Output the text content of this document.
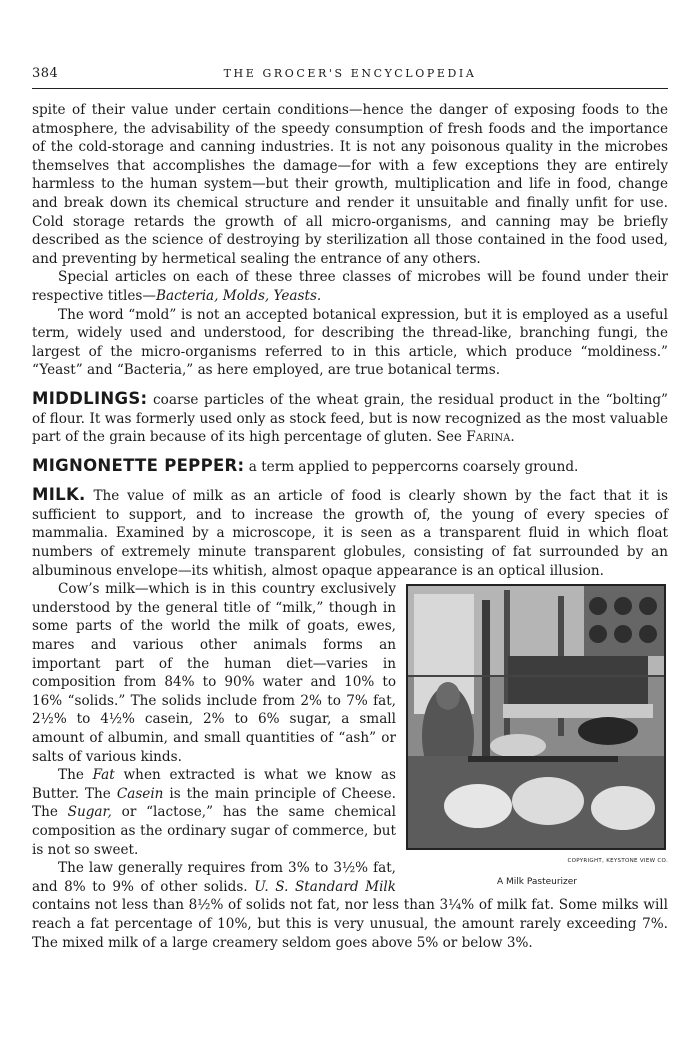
384	THE GROCER'S ENCYCLOPEDIA

spite of their value under certain conditions—hence the danger of exposing foods to the atmosphere, the advisability of the speedy consumption of fresh foods and the importance of the cold-storage and canning industries. It is not any poisonous quality in the microbes themselves that accomplishes the damage—for with a few exceptions they are entirely harmless to the human system—but their growth, multiplication and life in food, change and break down its chemical structure and render it unsuitable and finally unfit for use. Cold storage retards the growth of all micro-organisms, and canning may be briefly described as the science of destroying by sterilization all those contained in the food used, and preventing by hermetical sealing the entrance of any others.

Special articles on each of these three classes of microbes will be found under their respective titles—Bacteria, Molds, Yeasts.

The word “mold” is not an accepted botanical expression, but it is employed as a useful term, widely used and understood, for describing the thread-like, branching fungi, the largest of the micro-organisms referred to in this article, which produce “moldiness.” “Yeast” and “Bacteria,” as here employed, are true botanical terms.

MIDDLINGS: coarse particles of the wheat grain, the residual product in the “bolting” of flour. It was formerly used only as stock feed, but is now recognized as the most valuable part of the grain because of its high percentage of gluten. See Farina.

MIGNONETTE PEPPER: a term applied to peppercorns coarsely ground.

MILK. The value of milk as an article of food is clearly shown by the fact that it is sufficient to support, and to increase the growth of, the young of every species of mammalia. Examined by a microscope, it is seen as a transparent fluid in which float numbers of extremely minute transparent globules, consisting of fat surrounded by an albuminous envelope—its whitish, almost opaque appearance is an optical illusion.

COPYRIGHT, KEYSTONE VIEW CO.
A Milk Pasteurizer

Cow’s milk—which is in this country exclusively understood by the general title of “milk,” though in some parts of the world the milk of goats, ewes, mares and various other animals forms an important part of the human diet—varies in composition from 84% to 90% water and 10% to 16% “solids.” The solids include from 2% to 7% fat, 2½% to 4½% casein, 2% to 6% sugar, a small amount of albumin, and small quantities of “ash” or salts of various kinds.

The Fat when extracted is what we know as Butter. The Casein is the main principle of Cheese. The Sugar, or “lactose,” has the same chemical composition as the ordinary sugar of commerce, but is not so sweet.

The law generally requires from 3% to 3½% fat, and 8% to 9% of other solids. U. S. Standard Milk contains not less than 8½% of solids not fat, nor less than 3¼% of milk fat. Some milks will reach a fat percentage of 10%, but this is very unusual, the amount rarely exceeding 7%. The mixed milk of a large creamery seldom goes above 5% or below 3%.
